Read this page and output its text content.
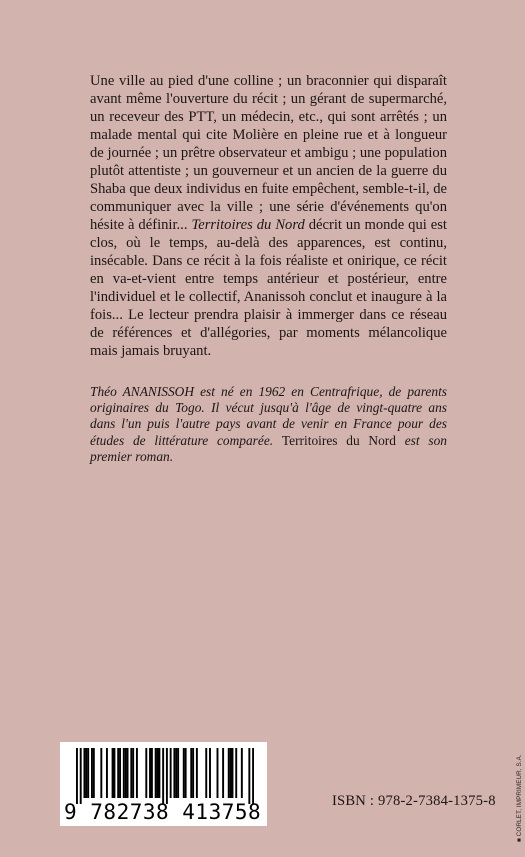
Une ville au pied d'une colline ; un braconnier qui disparaît avant même l'ouverture du récit ; un gérant de supermarché, un receveur des PTT, un médecin, etc., qui sont arrêtés ; un malade mental qui cite Molière en pleine rue et à longueur de journée ; un prêtre observateur et ambigu ; une population plutôt attentiste ; un gouverneur et un ancien de la guerre du Shaba que deux individus en fuite empêchent, semble-t-il, de communiquer avec la ville ; une série d'événements qu'on hésite à définir... Territoires du Nord décrit un monde qui est clos, où le temps, au-delà des apparences, est continu, insécable. Dans ce récit à la fois réaliste et onirique, ce récit en va-et-vient entre temps antérieur et postérieur, entre l'individuel et le collectif, Ananissoh conclut et inaugure à la fois... Le lecteur prendra plaisir à immerger dans ce réseau de références et d'allégories, par moments mélancolique mais jamais bruyant.

Théo ANANISSOH est né en 1962 en Centrafrique, de parents originaires du Togo. Il vécut jusqu'à l'âge de vingt-quatre ans dans l'un puis l'autre pays avant de venir en France pour des études de littérature comparée. Territoires du Nord est son premier roman.

9 782738 413758	ISBN : 978-2-7384-1375-8	■ CORLET, IMPRIMEUR, S.A.
